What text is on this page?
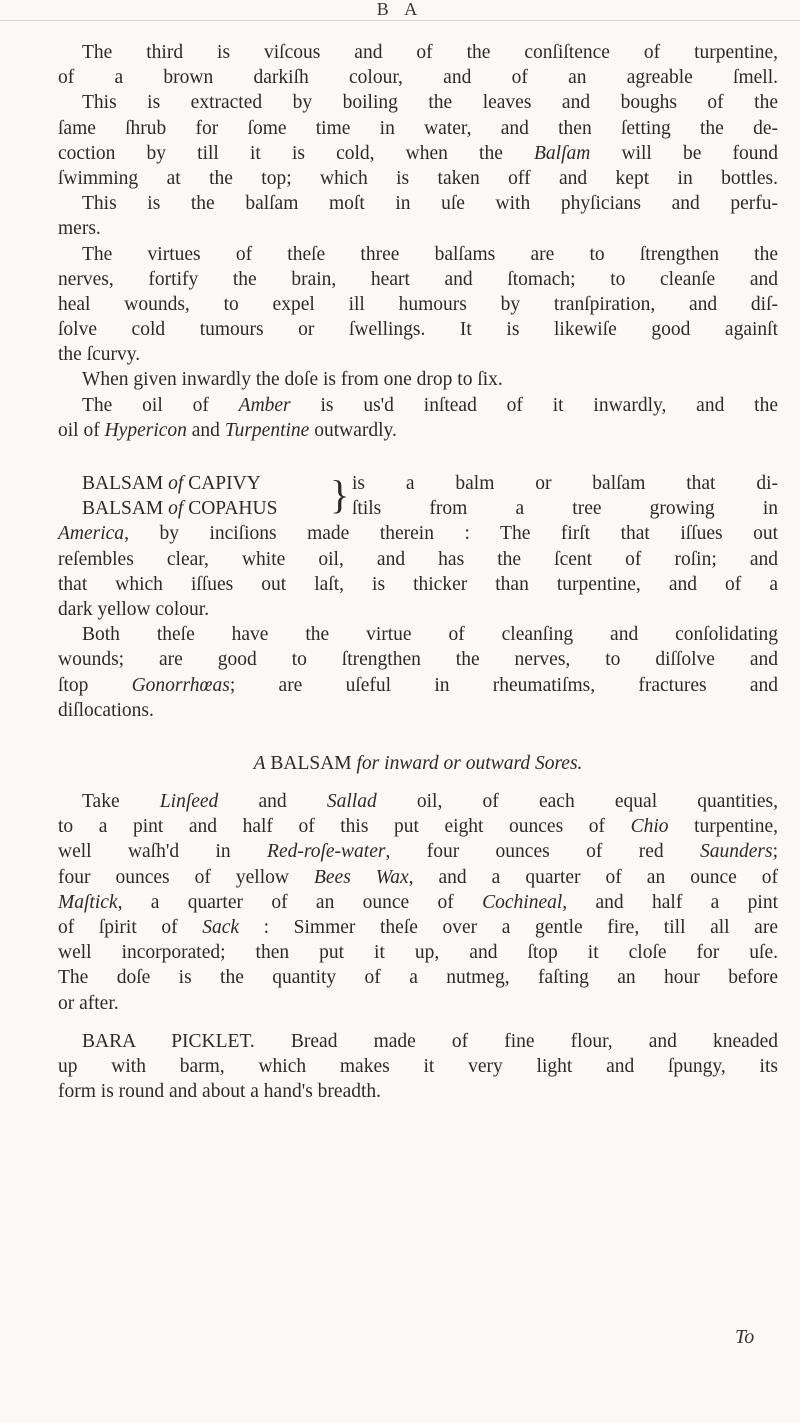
B A
The third is viſcous and of the conſiſtence of turpentine,
of a brown darkiſh colour, and of an agreable ſmell.
This is extracted by boiling the leaves and boughs of the
ſame ſhrub for ſome time in water, and then ſetting the de-
coction by till it is cold, when the Balſam will be found
ſwimming at the top; which is taken off and kept in bottles.
This is the balſam moſt in uſe with phyſicians and perfu-
mers.
The virtues of theſe three balſams are to ſtrengthen the
nerves, fortify the brain, heart and ſtomach; to cleanſe and
heal wounds, to expel ill humours by tranſpiration, and diſ-
ſolve cold tumours or ſwellings. It is likewiſe good againſt
the ſcurvy.
When given inwardly the doſe is from one drop to ſix.
The oil of Amber is us'd inſtead of it inwardly, and the
oil of Hypericon and Turpentine outwardly.
BALSAM of CAPIVY
BALSAM of COPAHUS	} is a balm or balſam that di-
ſtils from a tree growing in
America, by inciſions made therein : The firſt that iſſues out
reſembles clear, white oil, and has the ſcent of roſin; and
that which iſſues out laſt, is thicker than turpentine, and of a
dark yellow colour.
Both theſe have the virtue of cleanſing and conſolidating
wounds; are good to ſtrengthen the nerves, to diſſolve and
ſtop Gonorrhœas; are uſeful in rheumatiſms, fractures and
diſlocations.
A BALSAM for inward or outward Sores.
Take Linſeed and Sallad oil, of each equal quantities,
to a pint and half of this put eight ounces of Chio turpentine,
well waſh'd in Red-roſe-water, four ounces of red Saunders;
four ounces of yellow Bees Wax, and a quarter of an ounce of
Maſtick, a quarter of an ounce of Cochineal, and half a pint
of ſpirit of Sack : Simmer theſe over a gentle fire, till all are
well incorporated; then put it up, and ſtop it cloſe for uſe.
The doſe is the quantity of a nutmeg, faſting an hour before
or after.
BARA PICKLET. Bread made of fine flour, and kneaded
up with barm, which makes it very light and ſpungy, its
form is round and about a hand's breadth.
To
